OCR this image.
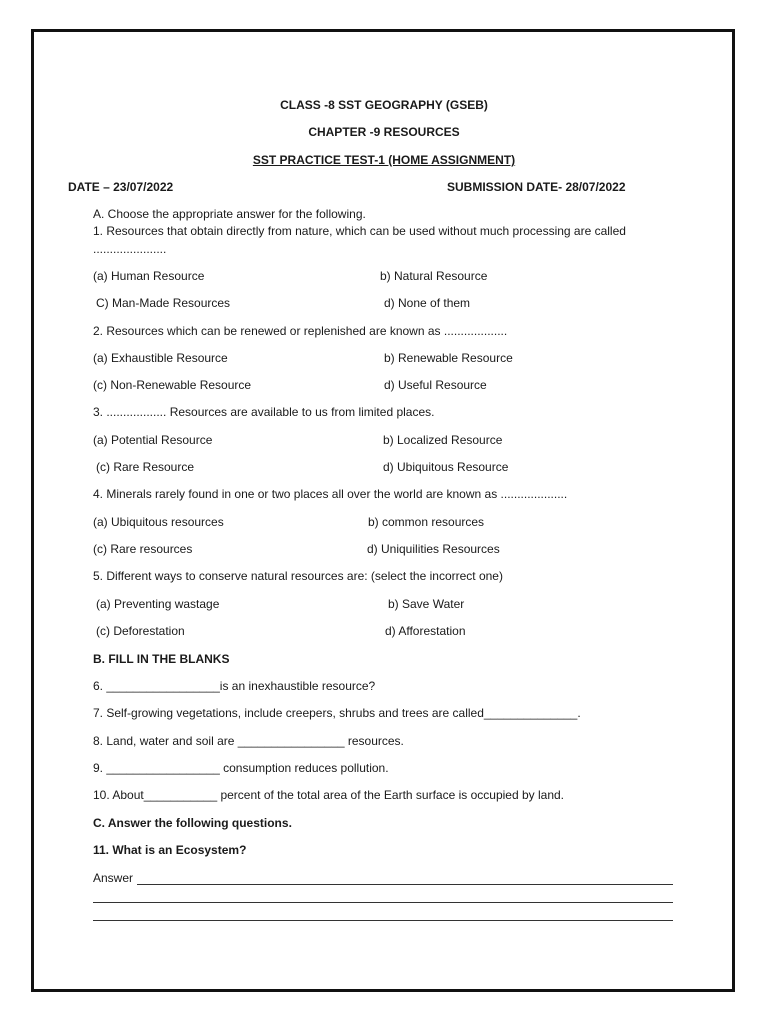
CLASS -8 SST GEOGRAPHY (GSEB)
CHAPTER -9 RESOURCES
SST PRACTICE TEST-1 (HOME ASSIGNMENT)
DATE – 23/07/2022	SUBMISSION DATE- 28/07/2022
A. Choose the appropriate answer for the following.
1. Resources that obtain directly from nature, which can be used without much processing are called
......................
(a) Human Resource	b) Natural Resource
C) Man-Made Resources	d) None of them
2. Resources which can be renewed or replenished are known as ...................
(a) Exhaustible Resource	b) Renewable Resource
(c) Non-Renewable Resource	d) Useful Resource
3. .................. Resources are available to us from limited places.
(a) Potential Resource	b) Localized Resource
(c) Rare Resource	d) Ubiquitous Resource
4. Minerals rarely found in one or two places all over the world are known as ....................
(a) Ubiquitous resources	b) common resources
(c) Rare resources	d) Uniquilities Resources
5. Different ways to conserve natural resources are: (select the incorrect one)
(a) Preventing wastage	b) Save Water
(c) Deforestation	d) Afforestation
B. FILL IN THE BLANKS
6. _________________is an inexhaustible resource?
7. Self-growing vegetations, include creepers, shrubs and trees are called______________.
8. Land, water and soil are ________________ resources.
9. _________________ consumption reduces pollution.
10. About___________ percent of the total area of the Earth surface is occupied by land.
C. Answer the following questions.
11. What is an Ecosystem?
Answer
